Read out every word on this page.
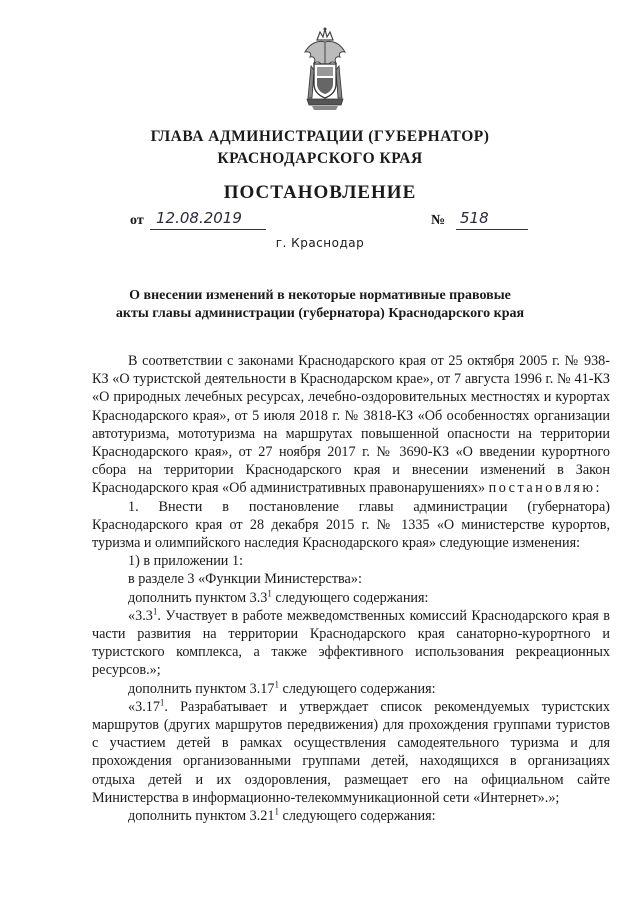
ГЛАВА АДМИНИСТРАЦИИ (ГУБЕРНАТОР)
КРАСНОДАРСКОГО КРАЯ
ПОСТАНОВЛЕНИЕ
от 12.08.2019	№ 518
г. Краснодар
О внесении изменений в некоторые нормативные правовые
акты главы администрации (губернатора) Краснодарского края

В соответствии с законами Краснодарского края от 25 октября 2005 г. № 938-КЗ «О туристской деятельности в Краснодарском крае», от 7 августа 1996 г. № 41-КЗ «О природных лечебных ресурсах, лечебно-оздоровительных местностях и курортах Краснодарского края», от 5 июля 2018 г. № 3818-КЗ «Об особенностях организации автотуризма, мототуризма на маршрутах повышенной опасности на территории Краснодарского края», от 27 ноября 2017 г. № 3690-КЗ «О введении курортного сбора на территории Краснодарского края и внесении изменений в Закон Краснодарского края «Об административных правонарушениях» постановляю:

1. Внести в постановление главы администрации (губернатора) Краснодарского края от 28 декабря 2015 г. № 1335 «О министерстве курортов, туризма и олимпийского наследия Краснодарского края» следующие изменения:

1) в приложении 1:

в разделе 3 «Функции Министерства»:

дополнить пунктом $3.3^1$ следующего содержания:

«$3.3^1$. Участвует в работе межведомственных комиссий Краснодарского края в части развития на территории Краснодарского края санаторно-курортного и туристского комплекса, а также эффективного использования рекреационных ресурсов.»;

дополнить пунктом 3.17$^1$ следующего содержания:

«3.17$^1$. Разрабатывает и утверждает список рекомендуемых туристских маршрутов (других маршрутов передвижения) для прохождения группами туристов с участием детей в рамках осуществления самодеятельного туризма и для прохождения организованными группами детей, находящихся в организациях отдыха детей и их оздоровления, размещает его на официальном сайте Министерства в информационно-телекоммуникационной сети «Интернет».»;

дополнить пунктом 3.21$^1$ следующего содержания:
